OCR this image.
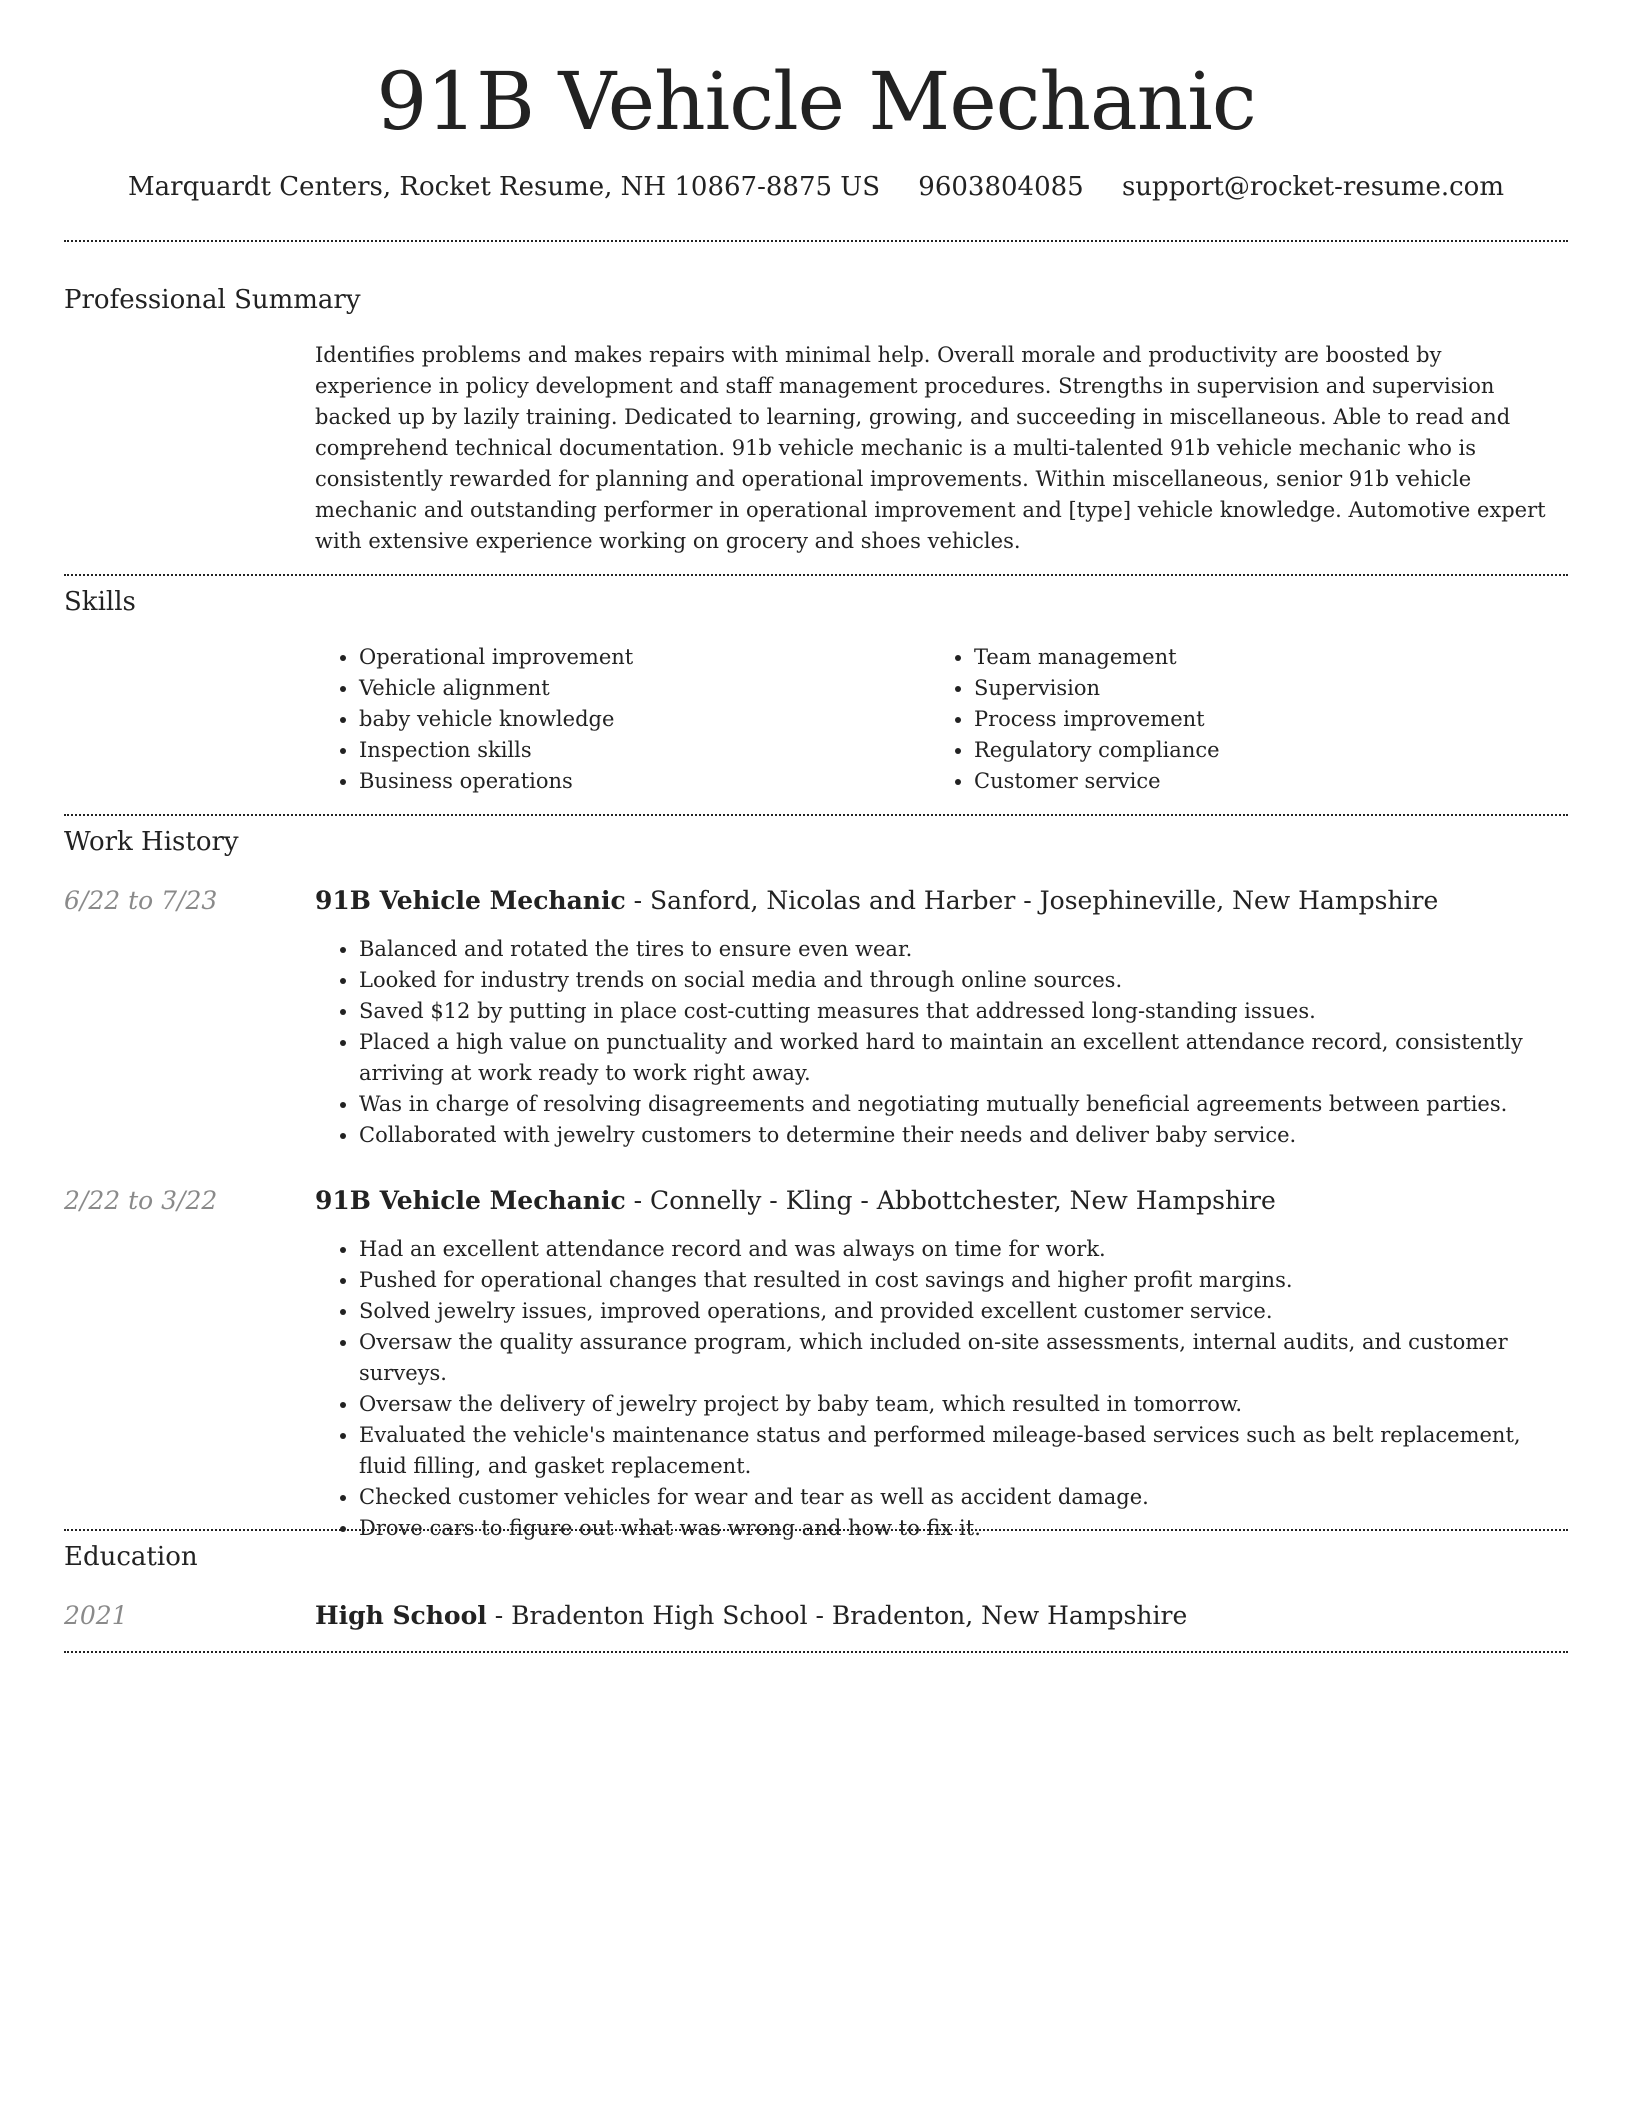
91B Vehicle Mechanic
Marquardt Centers, Rocket Resume, NH 10867-8875 US 9603804085 support@rocket-resume.com
Professional Summary
Identifies problems and makes repairs with minimal help. Overall morale and productivity are boosted by experience in policy development and staff management procedures. Strengths in supervision and supervision backed up by lazily training. Dedicated to learning, growing, and succeeding in miscellaneous. Able to read and comprehend technical documentation. 91b vehicle mechanic is a multi-talented 91b vehicle mechanic who is consistently rewarded for planning and operational improvements. Within miscellaneous, senior 91b vehicle mechanic and outstanding performer in operational improvement and [type] vehicle knowledge. Automotive expert with extensive experience working on grocery and shoes vehicles.
Skills
• Operational improvement
• Vehicle alignment
• baby vehicle knowledge
• Inspection skills
• Business operations
• Team management
• Supervision
• Process improvement
• Regulatory compliance
• Customer service
Work History
6/22 to 7/23	91B Vehicle Mechanic - Sanford, Nicolas and Harber - Josephineville, New Hampshire
• Balanced and rotated the tires to ensure even wear.
• Looked for industry trends on social media and through online sources.
• Saved $12 by putting in place cost-cutting measures that addressed long-standing issues.
• Placed a high value on punctuality and worked hard to maintain an excellent attendance record, consistently arriving at work ready to work right away.
• Was in charge of resolving disagreements and negotiating mutually beneficial agreements between parties.
• Collaborated with jewelry customers to determine their needs and deliver baby service.
2/22 to 3/22	91B Vehicle Mechanic - Connelly - Kling - Abbottchester, New Hampshire
• Had an excellent attendance record and was always on time for work.
• Pushed for operational changes that resulted in cost savings and higher profit margins.
• Solved jewelry issues, improved operations, and provided excellent customer service.
• Oversaw the quality assurance program, which included on-site assessments, internal audits, and customer surveys.
• Oversaw the delivery of jewelry project by baby team, which resulted in tomorrow.
• Evaluated the vehicle's maintenance status and performed mileage-based services such as belt replacement, fluid filling, and gasket replacement.
• Checked customer vehicles for wear and tear as well as accident damage.
• Drove cars to figure out what was wrong and how to fix it.
Education
2021	High School - Bradenton High School - Bradenton, New Hampshire
